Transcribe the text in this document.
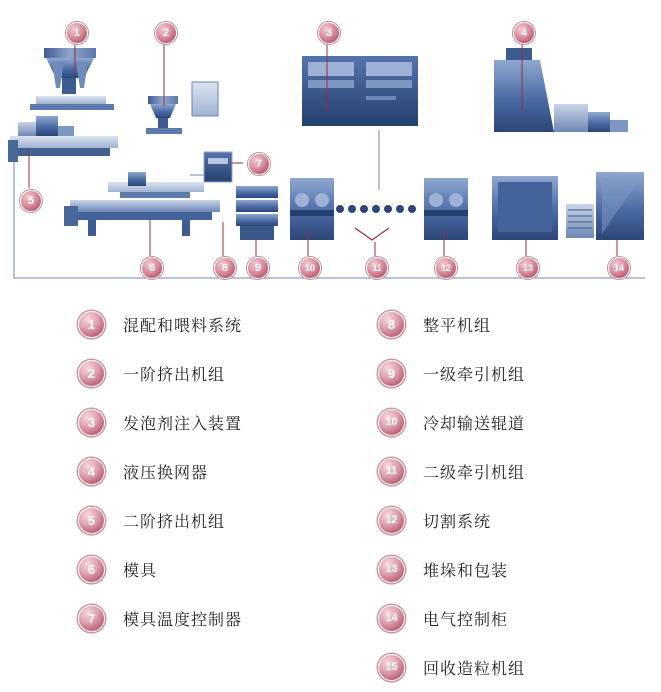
1	2	3	4
5
6
7
8	9	10	11	12	13	14
1	混配和喂料系统
2	一阶挤出机组
3	发泡剂注入装置
4	液压换网器
5	二阶挤出机组
6	模具
7	模具温度控制器
8	整平机组
9	一级牵引机组
10	冷却输送辊道
11	二级牵引机组
12	切割系统
13	堆垛和包装
14	电气控制柜
15	回收造粒机组
